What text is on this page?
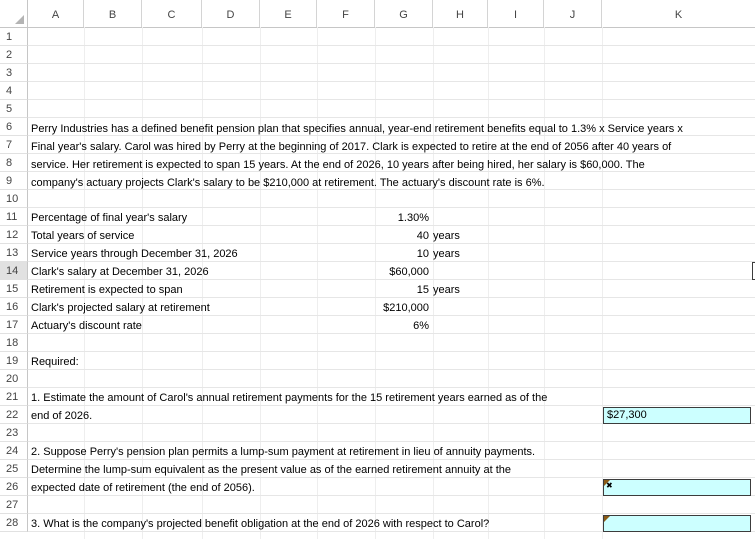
A	B	C	D	E	F	G	H	I	J	K
1
2
3
4
5
6
7
8
9
10
11
12
13
14
15
16
17
18
19
20
21
22
23
24
25
26
27
28
Perry Industries has a defined benefit pension plan that specifies annual, year-end retirement benefits equal to 1.3% x Service years x
Final year's salary. Carol was hired by Perry at the beginning of 2017. Clark is expected to retire at the end of 2056 after 40 years of
service. Her retirement is expected to span 15 years. At the end of 2026, 10 years after being hired, her salary is $60,000. The
company's actuary projects Clark's salary to be $210,000 at retirement. The actuary's discount rate is 6%.
Percentage of final year's salary	1.30%
Total years of service	40 years
Service years through December 31, 2026	10 years
Clark's salary at December 31, 2026	$60,000
Retirement is expected to span	15 years
Clark's projected salary at retirement	$210,000
Actuary's discount rate	6%
Required:
1. Estimate the amount of Carol's annual retirement payments for the 15 retirement years earned as of the
end of 2026.	$27,300
2. Suppose Perry's pension plan permits a lump-sum payment at retirement in lieu of annuity payments.
Determine the lump-sum equivalent as the present value as of the earned retirement annuity at the
expected date of retirement (the end of 2056).	✖
3. What is the company's projected benefit obligation at the end of 2026 with respect to Carol?
